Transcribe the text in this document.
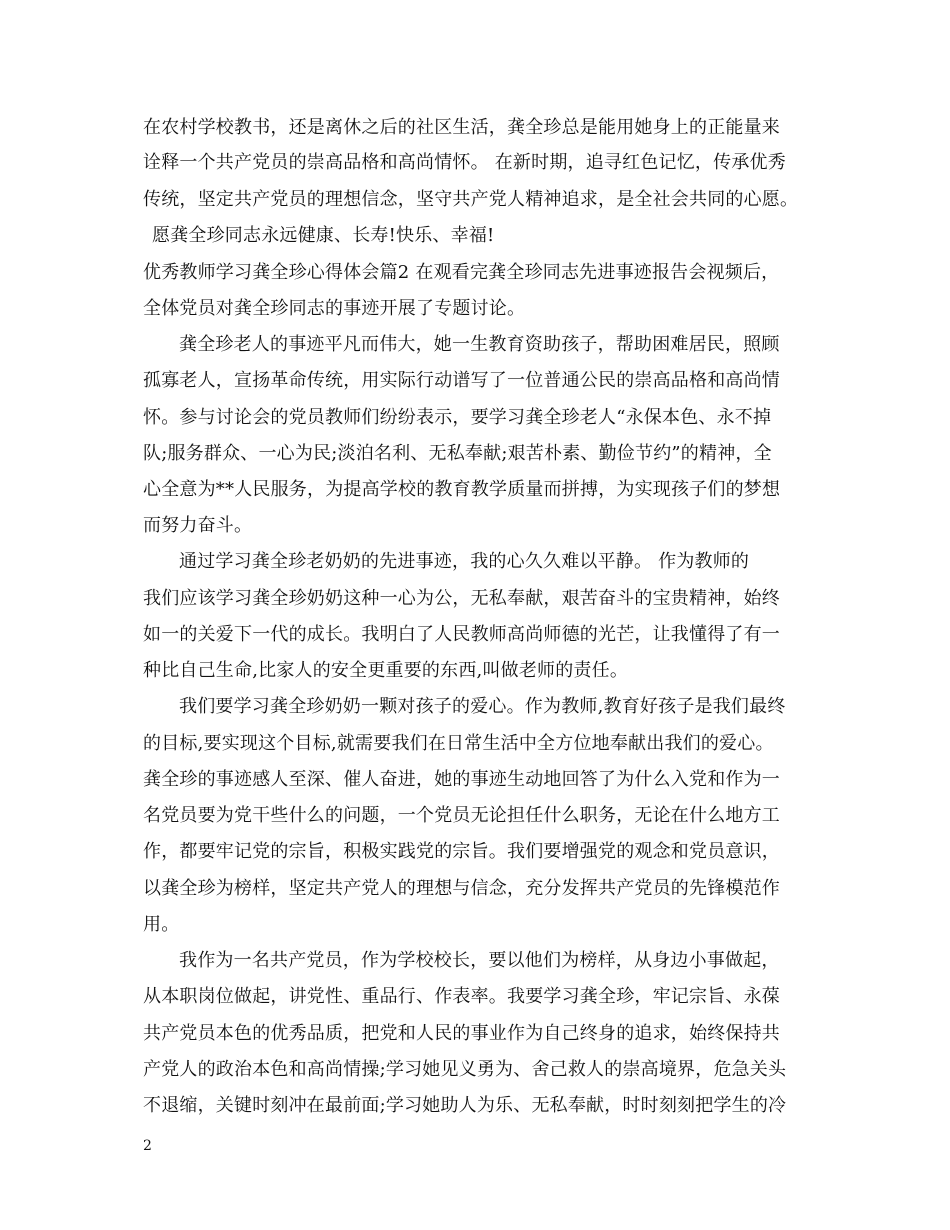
在农村学校教书，还是离休之后的社区生活，龚全珍总是能用她身上的正能量来

诠释一个共产党员的崇高品格和高尚情怀。 在新时期，追寻红色记忆，传承优秀

传统，坚定共产党员的理想信念，坚守共产党人精神追求，是全社会共同的心愿。

愿龚全珍同志永远健康、长寿!快乐、幸福!

优秀教师学习龚全珍心得体会篇2 在观看完龚全珍同志先进事迹报告会视频后，

全体党员对龚全珍同志的事迹开展了专题讨论。

龚全珍老人的事迹平凡而伟大，她一生教育资助孩子，帮助困难居民，照顾

孤寡老人，宣扬革命传统，用实际行动谱写了一位普通公民的崇高品格和高尚情

怀。参与讨论会的党员教师们纷纷表示，要学习龚全珍老人“永保本色、永不掉

队;服务群众、一心为民;淡泊名利、无私奉献;艰苦朴素、勤俭节约”的精神，全

心全意为**人民服务，为提高学校的教育教学质量而拼搏，为实现孩子们的梦想

而努力奋斗。

通过学习龚全珍老奶奶的先进事迹，我的心久久难以平静。 作为教师的

我们应该学习龚全珍奶奶这种一心为公，无私奉献，艰苦奋斗的宝贵精神，始终

如一的关爱下一代的成长。我明白了人民教师高尚师德的光芒，让我懂得了有一

种比自己生命,比家人的安全更重要的东西,叫做老师的责任。

我们要学习龚全珍奶奶一颗对孩子的爱心。作为教师,教育好孩子是我们最终

的目标,要实现这个目标,就需要我们在日常生活中全方位地奉献出我们的爱心。

龚全珍的事迹感人至深、催人奋进，她的事迹生动地回答了为什么入党和作为一

名党员要为党干些什么的问题，一个党员无论担任什么职务，无论在什么地方工

作，都要牢记党的宗旨，积极实践党的宗旨。我们要增强党的观念和党员意识，

以龚全珍为榜样，坚定共产党人的理想与信念，充分发挥共产党员的先锋模范作

用。

我作为一名共产党员，作为学校校长，要以他们为榜样，从身边小事做起，

从本职岗位做起，讲党性、重品行、作表率。我要学习龚全珍，牢记宗旨、永葆

共产党员本色的优秀品质，把党和人民的事业作为自己终身的追求，始终保持共

产党人的政治本色和高尚情操;学习她见义勇为、舍己救人的崇高境界，危急关头

不退缩，关键时刻冲在最前面;学习她助人为乐、无私奉献，时时刻刻把学生的冷

2
